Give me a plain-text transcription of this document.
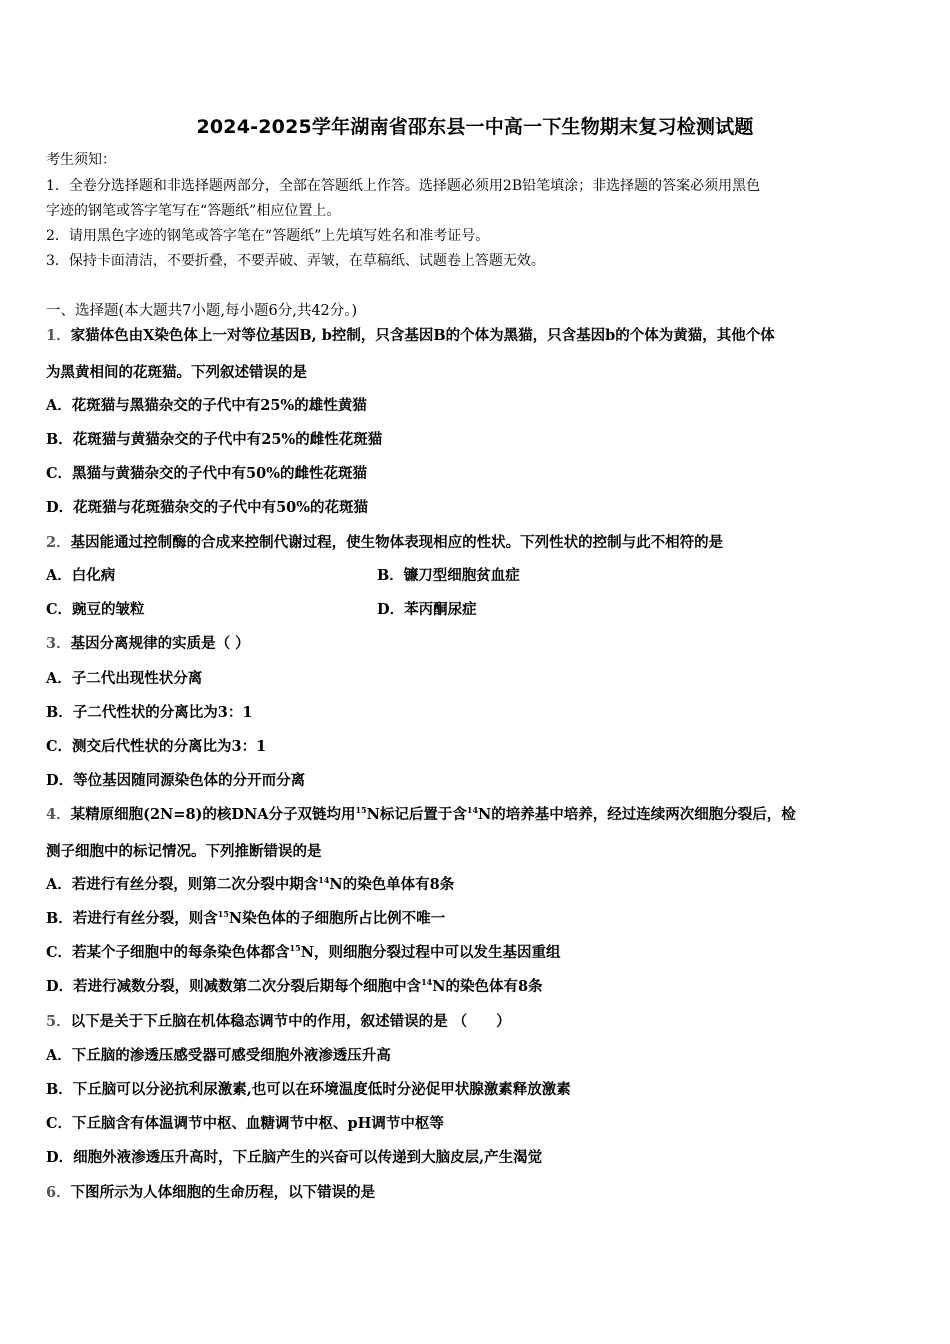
2024-2025学年湖南省邵东县一中高一下生物期末复习检测试题
考生须知：
1．全卷分选择题和非选择题两部分，全部在答题纸上作答。选择题必须用2B铅笔填涂；非选择题的答案必须用黑色
字迹的钢笔或答字笔写在“答题纸”相应位置上。
2．请用黑色字迹的钢笔或答字笔在“答题纸”上先填写姓名和准考证号。
3．保持卡面清洁，不要折叠，不要弄破、弄皱，在草稿纸、试题卷上答题无效。
一、选择题(本大题共7小题,每小题6分,共42分。)
1．家猫体色由X染色体上一对等位基因B, b控制，只含基因B的个体为黑猫，只含基因b的个体为黄猫，其他个体
为黑黄相间的花斑猫。下列叙述错误的是
A．花斑猫与黑猫杂交的子代中有25%的雄性黄猫
B．花斑猫与黄猫杂交的子代中有25%的雌性花斑猫
C．黑猫与黄猫杂交的子代中有50%的雌性花斑猫
D．花斑猫与花斑猫杂交的子代中有50%的花斑猫
2．基因能通过控制酶的合成来控制代谢过程，使生物体表现相应的性状。下列性状的控制与此不相符的是
A．白化病	B．镰刀型细胞贫血症
C．豌豆的皱粒	D．苯丙酮尿症
3．基因分离规律的实质是（ ）
A．子二代出现性状分离
B．子二代性状的分离比为3：1
C．测交后代性状的分离比为3：1
D．等位基因随同源染色体的分开而分离
4．某精原细胞(2N=8)的核DNA分子双链均用$^{15}$N标记后置于含$^{14}$N的培养基中培养，经过连续两次细胞分裂后，检
测子细胞中的标记情况。下列推断错误的是
A．若进行有丝分裂，则第二次分裂中期含$^{14}$N的染色单体有8条
B．若进行有丝分裂，则含$^{15}$N染色体的子细胞所占比例不唯一
C．若某个子细胞中的每条染色体都含$^{15}$N，则细胞分裂过程中可以发生基因重组
D．若进行减数分裂，则减数第二次分裂后期每个细胞中含$^{14}$N的染色体有8条
5．以下是关于下丘脑在机体稳态调节中的作用，叙述错误的是 （　　）
A．下丘脑的渗透压感受器可感受细胞外液渗透压升高
B．下丘脑可以分泌抗利尿激素,也可以在环境温度低时分泌促甲状腺激素释放激素
C．下丘脑含有体温调节中枢、血糖调节中枢、pH调节中枢等
D．细胞外液渗透压升高时，下丘脑产生的兴奋可以传递到大脑皮层,产生渴觉
6．下图所示为人体细胞的生命历程，以下错误的是
